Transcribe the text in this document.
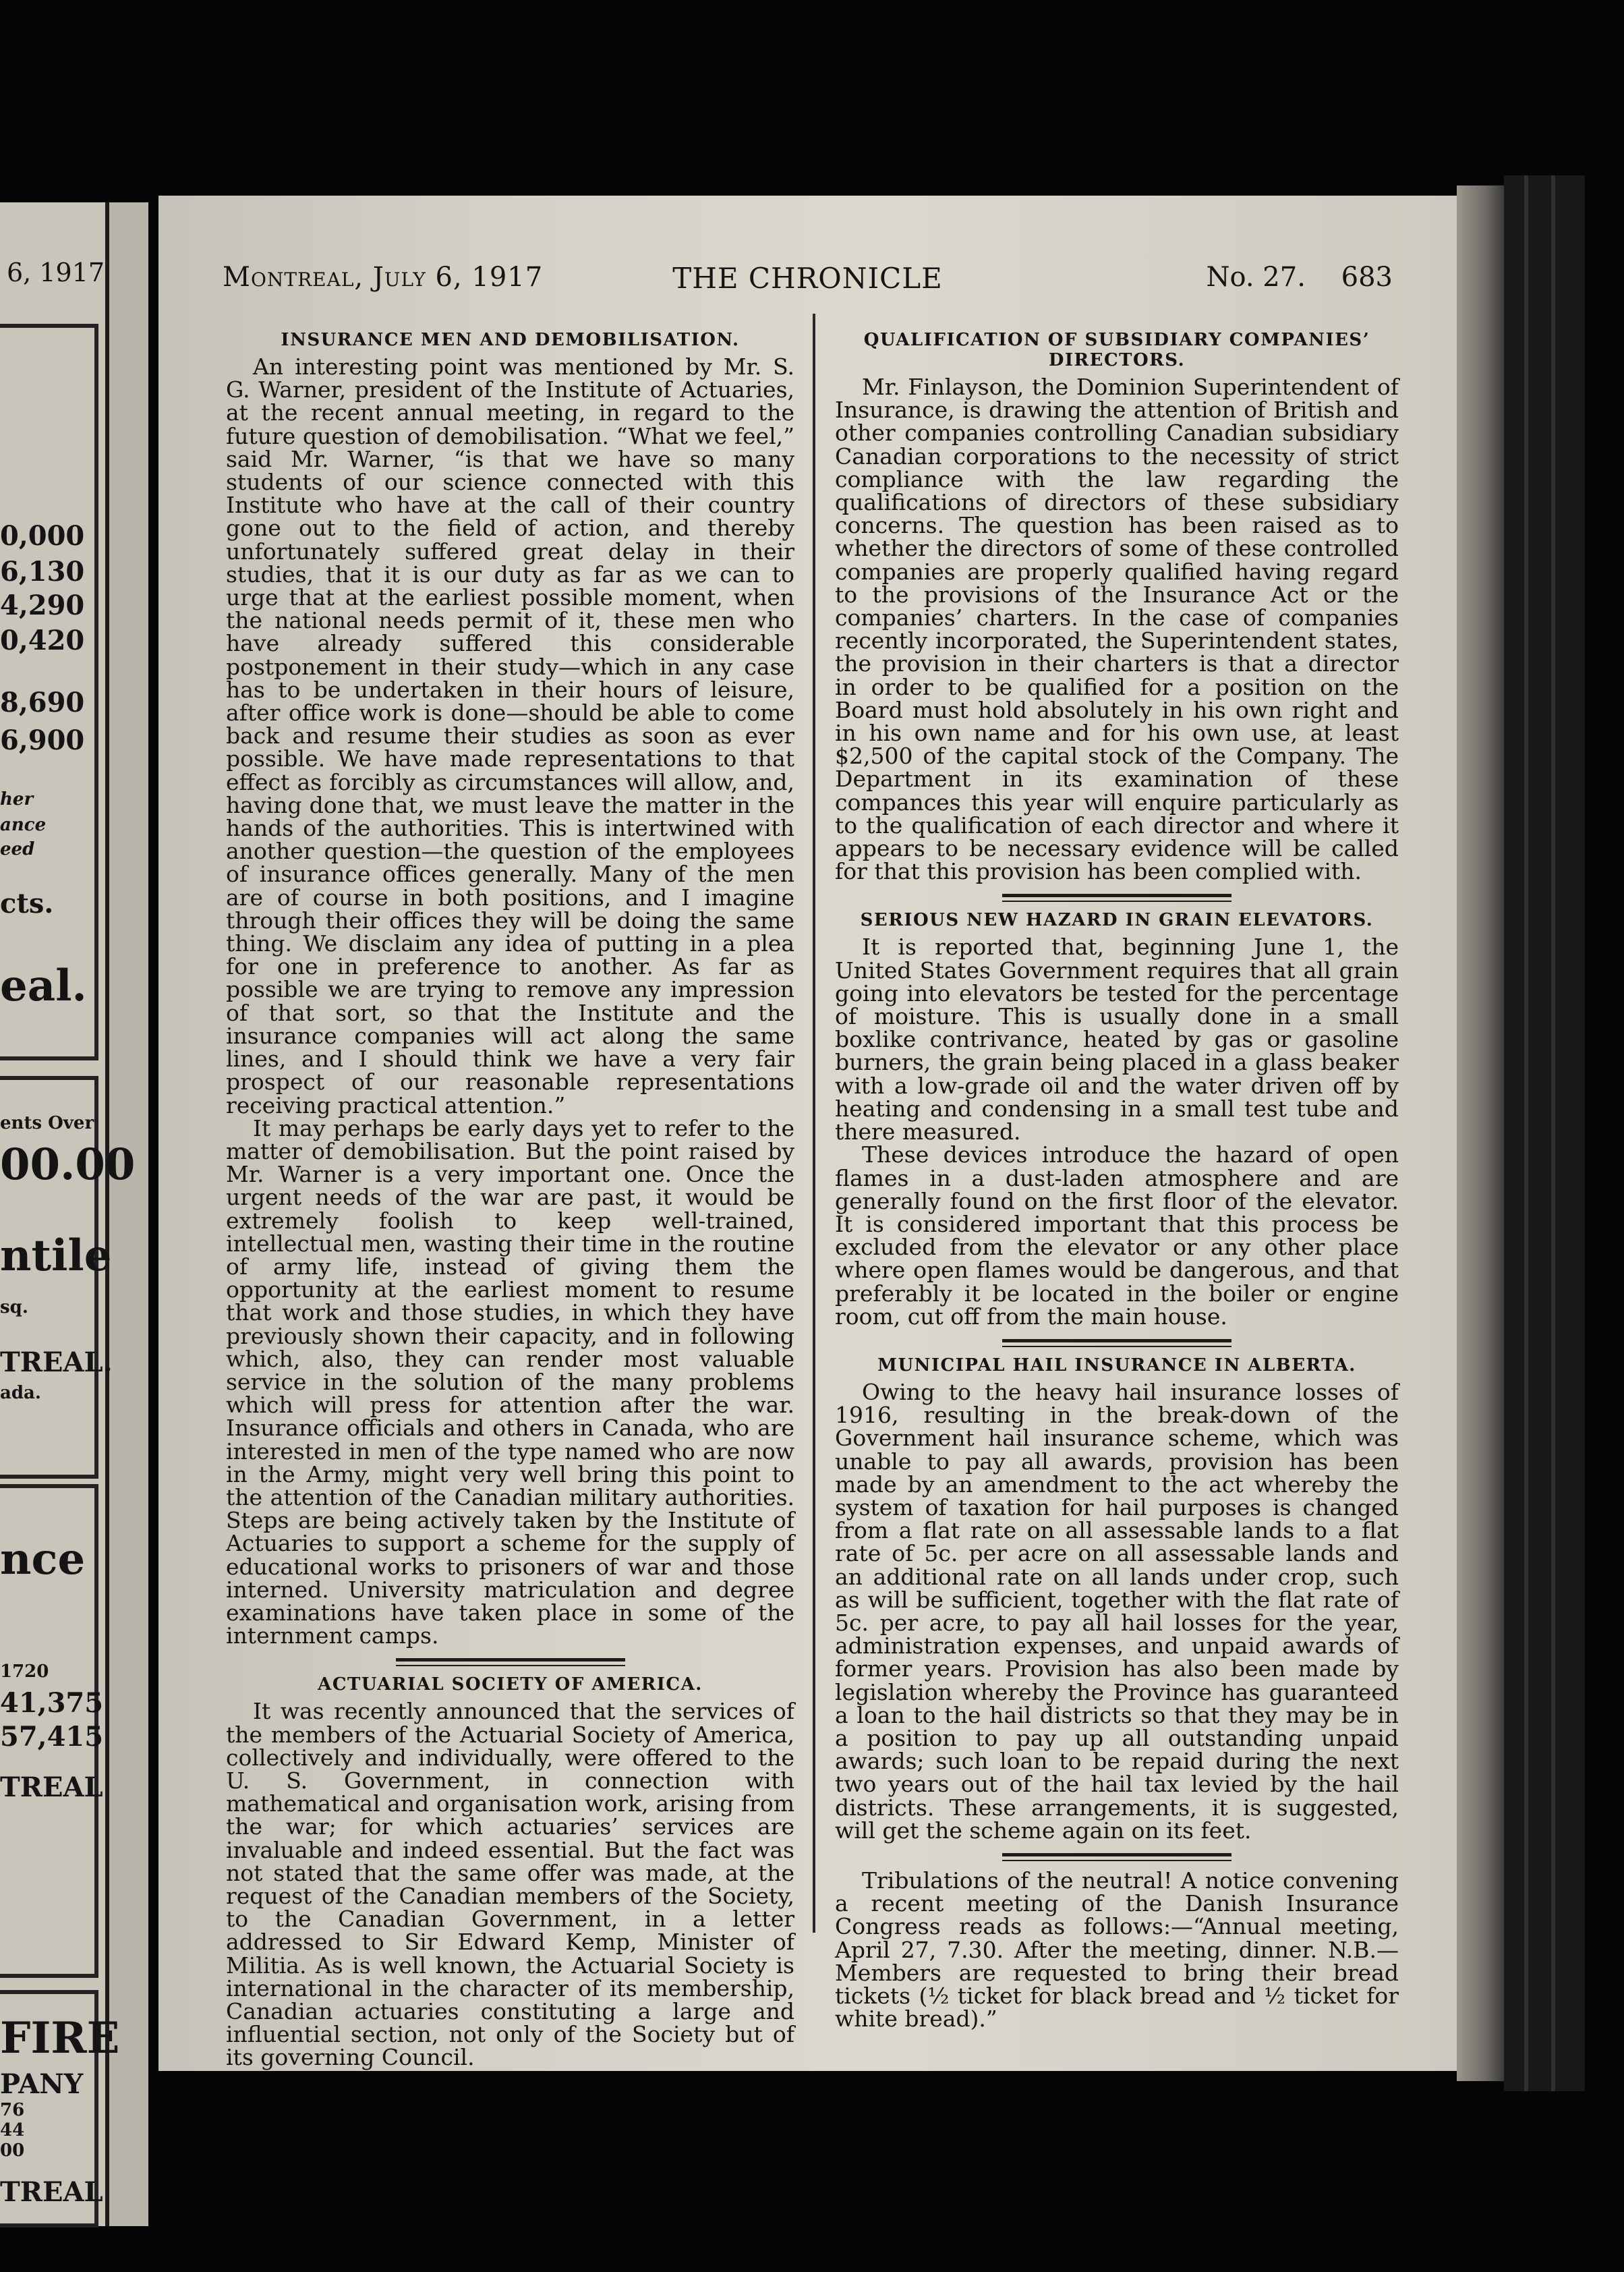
6, 1917
0,000
6,130
4,290
0,420
8,690
6,900
her
ance
eed
cts.
eal.
ents Over
00.00
ntile
sq.
TREAL.
ada.
nce
1720
41,375
57,415
TREAL
FIRE
PANY
76
44
00
TREAL
Montreal, July 6, 1917	THE CHRONICLE	No. 27. 683
INSURANCE MEN AND DEMOBILISATION.

An interesting point was mentioned by Mr. S. G. Warner, president of the Institute of Actuaries, at the recent annual meeting, in regard to the future question of demobilisation. “What we feel,” said Mr. Warner, “is that we have so many students of our science connected with this Institute who have at the call of their country gone out to the field of action, and thereby unfortunately suffered great delay in their studies, that it is our duty as far as we can to urge that at the earliest possible moment, when the national needs permit of it, these men who have already suffered this considerable postponement in their study—which in any case has to be undertaken in their hours of leisure, after office work is done—should be able to come back and resume their studies as soon as ever possible. We have made representations to that effect as forcibly as circumstances will allow, and, having done that, we must leave the matter in the hands of the authorities. This is intertwined with another question—the question of the employees of insurance offices generally. Many of the men are of course in both positions, and I imagine through their offices they will be doing the same thing. We disclaim any idea of putting in a plea for one in preference to another. As far as possible we are trying to remove any impression of that sort, so that the Institute and the insurance companies will act along the same lines, and I should think we have a very fair prospect of our reasonable representations receiving practical attention.”

It may perhaps be early days yet to refer to the matter of demobilisation. But the point raised by Mr. Warner is a very important one. Once the urgent needs of the war are past, it would be extremely foolish to keep well-trained, intellectual men, wasting their time in the routine of army life, instead of giving them the opportunity at the earliest moment to resume that work and those studies, in which they have previously shown their capacity, and in following which, also, they can render most valuable service in the solution of the many problems which will press for attention after the war. Insurance officials and others in Canada, who are interested in men of the type named who are now in the Army, might very well bring this point to the attention of the Canadian military authorities. Steps are being actively taken by the Institute of Actuaries to support a scheme for the supply of educational works to prisoners of war and those interned. University matriculation and degree examinations have taken place in some of the internment camps.

ACTUARIAL SOCIETY OF AMERICA.

It was recently announced that the services of the members of the Actuarial Society of America, collectively and individually, were offered to the U. S. Government, in connection with mathematical and organisation work, arising from the war; for which actuaries’ services are invaluable and indeed essential. But the fact was not stated that the same offer was made, at the request of the Canadian members of the Society, to the Canadian Government, in a letter addressed to Sir Edward Kemp, Minister of Militia. As is well known, the Actuarial Society is international in the character of its membership, Canadian actuaries constituting a large and influential section, not only of the Society but of its governing Council.

QUALIFICATION OF SUBSIDIARY COMPANIES’ DIRECTORS.

Mr. Finlayson, the Dominion Superintendent of Insurance, is drawing the attention of British and other companies controlling Canadian subsidiary Canadian corporations to the necessity of strict compliance with the law regarding the qualifications of directors of these subsidiary concerns. The question has been raised as to whether the directors of some of these controlled companies are properly qualified having regard to the provisions of the Insurance Act or the companies’ charters. In the case of companies recently incorporated, the Superintendent states, the provision in their charters is that a director in order to be qualified for a position on the Board must hold absolutely in his own right and in his own name and for his own use, at least $2,500 of the capital stock of the Company. The Department in its examination of these compances this year will enquire particularly as to the qualification of each director and where it appears to be necessary evidence will be called for that this provision has been complied with.

SERIOUS NEW HAZARD IN GRAIN ELEVATORS.

It is reported that, beginning June 1, the United States Government requires that all grain going into elevators be tested for the percentage of moisture. This is usually done in a small boxlike contrivance, heated by gas or gasoline burners, the grain being placed in a glass beaker with a low-grade oil and the water driven off by heating and condensing in a small test tube and there measured.

These devices introduce the hazard of open flames in a dust-laden atmosphere and are generally found on the first floor of the elevator. It is considered important that this process be excluded from the elevator or any other place where open flames would be dangerous, and that preferably it be located in the boiler or engine room, cut off from the main house.

MUNICIPAL HAIL INSURANCE IN ALBERTA.

Owing to the heavy hail insurance losses of 1916, resulting in the break-down of the Government hail insurance scheme, which was unable to pay all awards, provision has been made by an amendment to the act whereby the system of taxation for hail purposes is changed from a flat rate on all assessable lands to a flat rate of 5c. per acre on all assessable lands and an additional rate on all lands under crop, such as will be sufficient, together with the flat rate of 5c. per acre, to pay all hail losses for the year, administration expenses, and unpaid awards of former years. Provision has also been made by legislation whereby the Province has guaranteed a loan to the hail districts so that they may be in a position to pay up all outstanding unpaid awards; such loan to be repaid during the next two years out of the hail tax levied by the hail districts. These arrangements, it is suggested, will get the scheme again on its feet.

Tribulations of the neutral! A notice convening a recent meeting of the Danish Insurance Congress reads as follows:—“Annual meeting, April 27, 7.30. After the meeting, dinner. N.B.—Members are requested to bring their bread tickets (½ ticket for black bread and ½ ticket for white bread).”
